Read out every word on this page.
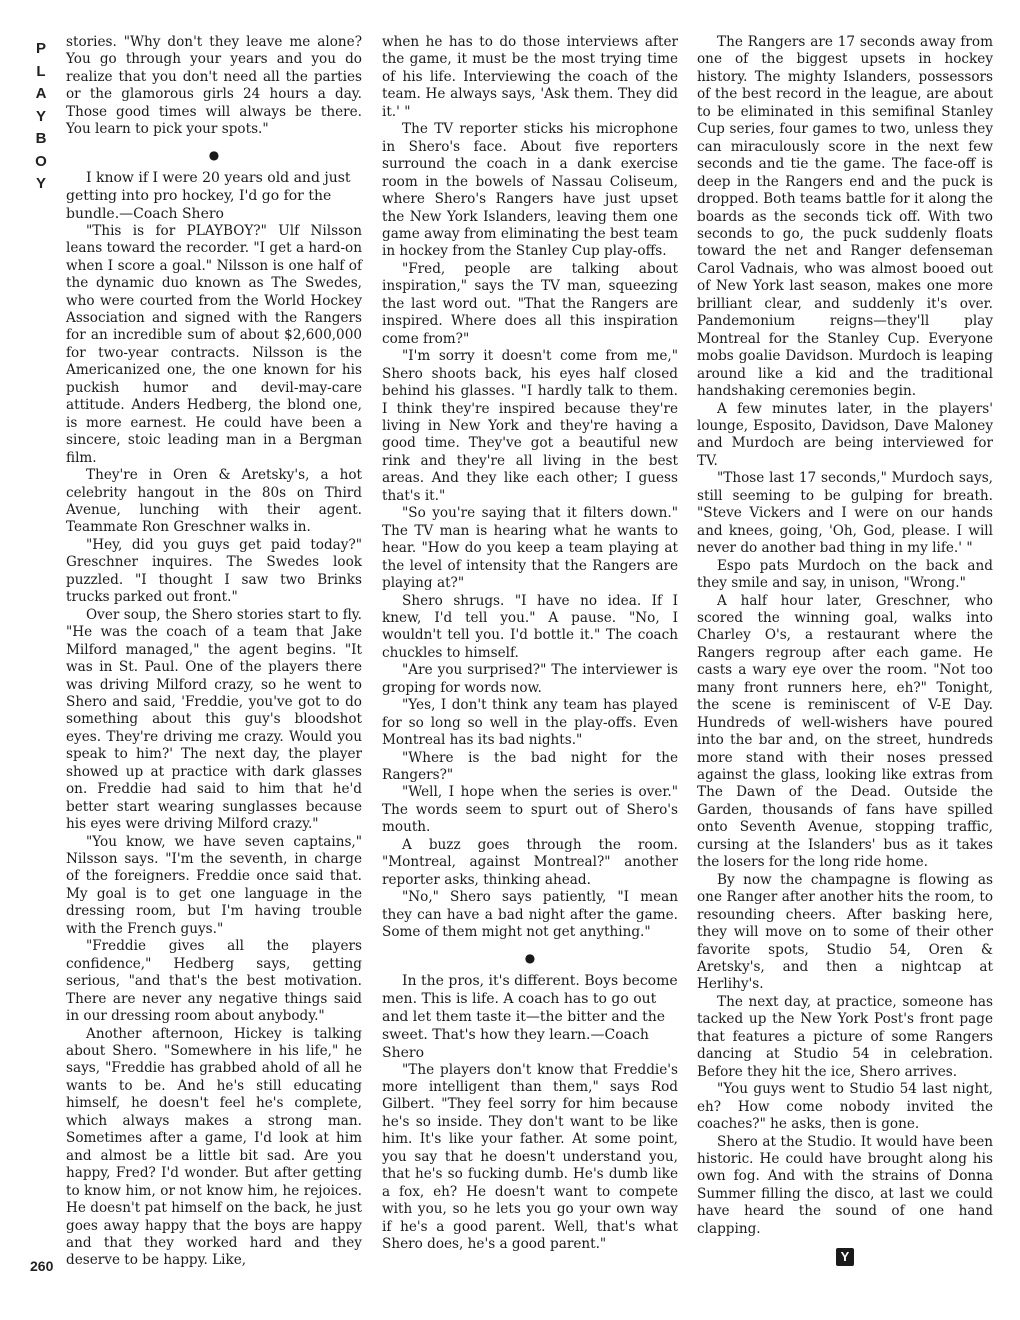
P
L
A
Y
B
O
Y
260

stories. "Why don't they leave me alone? You go through your years and you do realize that you don't need all the parties or the glamorous girls 24 hours a day. Those good times will always be there. You learn to pick your spots."

●

I know if I were 20 years old and just getting into pro hockey, I'd go for the bundle.—Coach Shero

"This is for PLAYBOY?" Ulf Nilsson leans toward the recorder. "I get a hard-on when I score a goal." Nilsson is one half of the dynamic duo known as The Swedes, who were courted from the World Hockey Association and signed with the Rangers for an incredible sum of about $2,600,000 for two-year contracts. Nilsson is the Americanized one, the one known for his puckish humor and devil-may-care attitude. Anders Hedberg, the blond one, is more earnest. He could have been a sincere, stoic leading man in a Bergman film.

They're in Oren & Aretsky's, a hot celebrity hangout in the 80s on Third Avenue, lunching with their agent. Teammate Ron Greschner walks in.

"Hey, did you guys get paid today?" Greschner inquires. The Swedes look puzzled. "I thought I saw two Brinks trucks parked out front."

Over soup, the Shero stories start to fly. "He was the coach of a team that Jake Milford managed," the agent begins. "It was in St. Paul. One of the players there was driving Milford crazy, so he went to Shero and said, 'Freddie, you've got to do something about this guy's bloodshot eyes. They're driving me crazy. Would you speak to him?' The next day, the player showed up at practice with dark glasses on. Freddie had said to him that he'd better start wearing sunglasses because his eyes were driving Milford crazy."

"You know, we have seven captains," Nilsson says. "I'm the seventh, in charge of the foreigners. Freddie once said that. My goal is to get one language in the dressing room, but I'm having trouble with the French guys."

"Freddie gives all the players confidence," Hedberg says, getting serious, "and that's the best motivation. There are never any negative things said in our dressing room about anybody."

Another afternoon, Hickey is talking about Shero. "Somewhere in his life," he says, "Freddie has grabbed ahold of all he wants to be. And he's still educating himself, he doesn't feel he's complete, which always makes a strong man. Sometimes after a game, I'd look at him and almost be a little bit sad. Are you happy, Fred? I'd wonder. But after getting to know him, or not know him, he rejoices. He doesn't pat himself on the back, he just goes away happy that the boys are happy and that they worked hard and they deserve to be happy. Like,

when he has to do those interviews after the game, it must be the most trying time of his life. Interviewing the coach of the team. He always says, 'Ask them. They did it.' "

The TV reporter sticks his microphone in Shero's face. About five reporters surround the coach in a dank exercise room in the bowels of Nassau Coliseum, where Shero's Rangers have just upset the New York Islanders, leaving them one game away from eliminating the best team in hockey from the Stanley Cup play-offs.

"Fred, people are talking about inspiration," says the TV man, squeezing the last word out. "That the Rangers are inspired. Where does all this inspiration come from?"

"I'm sorry it doesn't come from me," Shero shoots back, his eyes half closed behind his glasses. "I hardly talk to them. I think they're inspired because they're living in New York and they're having a good time. They've got a beautiful new rink and they're all living in the best areas. And they like each other; I guess that's it."

"So you're saying that it filters down." The TV man is hearing what he wants to hear. "How do you keep a team playing at the level of intensity that the Rangers are playing at?"

Shero shrugs. "I have no idea. If I knew, I'd tell you." A pause. "No, I wouldn't tell you. I'd bottle it." The coach chuckles to himself.

"Are you surprised?" The interviewer is groping for words now.

"Yes, I don't think any team has played for so long so well in the play-offs. Even Montreal has its bad nights."

"Where is the bad night for the Rangers?"

"Well, I hope when the series is over." The words seem to spurt out of Shero's mouth.

A buzz goes through the room. "Montreal, against Montreal?" another reporter asks, thinking ahead.

"No," Shero says patiently, "I mean they can have a bad night after the game. Some of them might not get anything."

●

In the pros, it's different. Boys become men. This is life. A coach has to go out and let them taste it—the bitter and the sweet. That's how they learn.—Coach Shero

"The players don't know that Freddie's more intelligent than them," says Rod Gilbert. "They feel sorry for him because he's so inside. They don't want to be like him. It's like your father. At some point, you say that he doesn't understand you, that he's so fucking dumb. He's dumb like a fox, eh? He doesn't want to compete with you, so he lets you go your own way if he's a good parent. Well, that's what Shero does, he's a good parent."

The Rangers are 17 seconds away from one of the biggest upsets in hockey history. The mighty Islanders, possessors of the best record in the league, are about to be eliminated in this semifinal Stanley Cup series, four games to two, unless they can miraculously score in the next few seconds and tie the game. The face-off is deep in the Rangers end and the puck is dropped. Both teams battle for it along the boards as the seconds tick off. With two seconds to go, the puck suddenly floats toward the net and Ranger defenseman Carol Vadnais, who was almost booed out of New York last season, makes one more brilliant clear, and suddenly it's over. Pandemonium reigns—they'll play Montreal for the Stanley Cup. Everyone mobs goalie Davidson. Murdoch is leaping around like a kid and the traditional handshaking ceremonies begin.

A few minutes later, in the players' lounge, Esposito, Davidson, Dave Maloney and Murdoch are being interviewed for TV.

"Those last 17 seconds," Murdoch says, still seeming to be gulping for breath. "Steve Vickers and I were on our hands and knees, going, 'Oh, God, please. I will never do another bad thing in my life.' "

Espo pats Murdoch on the back and they smile and say, in unison, "Wrong."

A half hour later, Greschner, who scored the winning goal, walks into Charley O's, a restaurant where the Rangers regroup after each game. He casts a wary eye over the room. "Not too many front runners here, eh?" Tonight, the scene is reminiscent of V-E Day. Hundreds of well-wishers have poured into the bar and, on the street, hundreds more stand with their noses pressed against the glass, looking like extras from The Dawn of the Dead. Outside the Garden, thousands of fans have spilled onto Seventh Avenue, stopping traffic, cursing at the Islanders' bus as it takes the losers for the long ride home.

By now the champagne is flowing as one Ranger after another hits the room, to resounding cheers. After basking here, they will move on to some of their other favorite spots, Studio 54, Oren & Aretsky's, and then a nightcap at Herlihy's.

The next day, at practice, someone has tacked up the New York Post's front page that features a picture of some Rangers dancing at Studio 54 in celebration. Before they hit the ice, Shero arrives.

"You guys went to Studio 54 last night, eh? How come nobody invited the coaches?" he asks, then is gone.

Shero at the Studio. It would have been historic. He could have brought along his own fog. And with the strains of Donna Summer filling the disco, at last we could have heard the sound of one hand clapping.

Y
